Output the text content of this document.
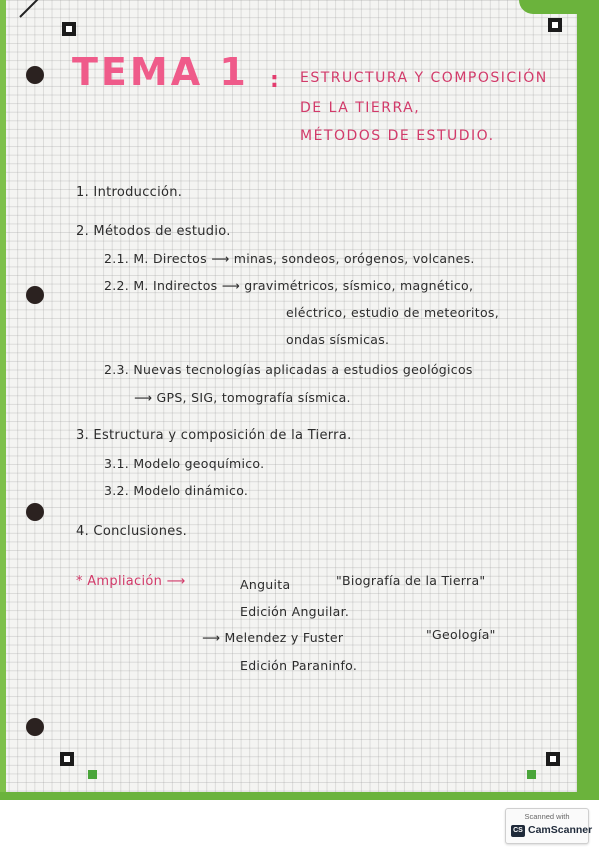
TEMA 1 : ESTRUCTURA Y COMPOSICIÓN
DE LA TIERRA,
MÉTODOS DE ESTUDIO.
1. Introducción.
2. Métodos de estudio.
2.1. M. Directos ⟶ minas, sondeos, orógenos, volcanes.
2.2. M. Indirectos ⟶ gravimétricos, sísmico, magnético,
eléctrico, estudio de meteoritos,
ondas sísmicas.
2.3. Nuevas tecnologías aplicadas a estudios geológicos
⟶ GPS, SIG, tomografía sísmica.
3. Estructura y composición de la Tierra.
3.1. Modelo geoquímico.
3.2. Modelo dinámico.
4. Conclusiones.
* Ampliación ⟶	Anguita	"Biografía de la Tierra"
Edición Anguilar.
⟶ Melendez y Fuster	"Geología"
Edición Paraninfo.
Scanned with
CS CamScanner
